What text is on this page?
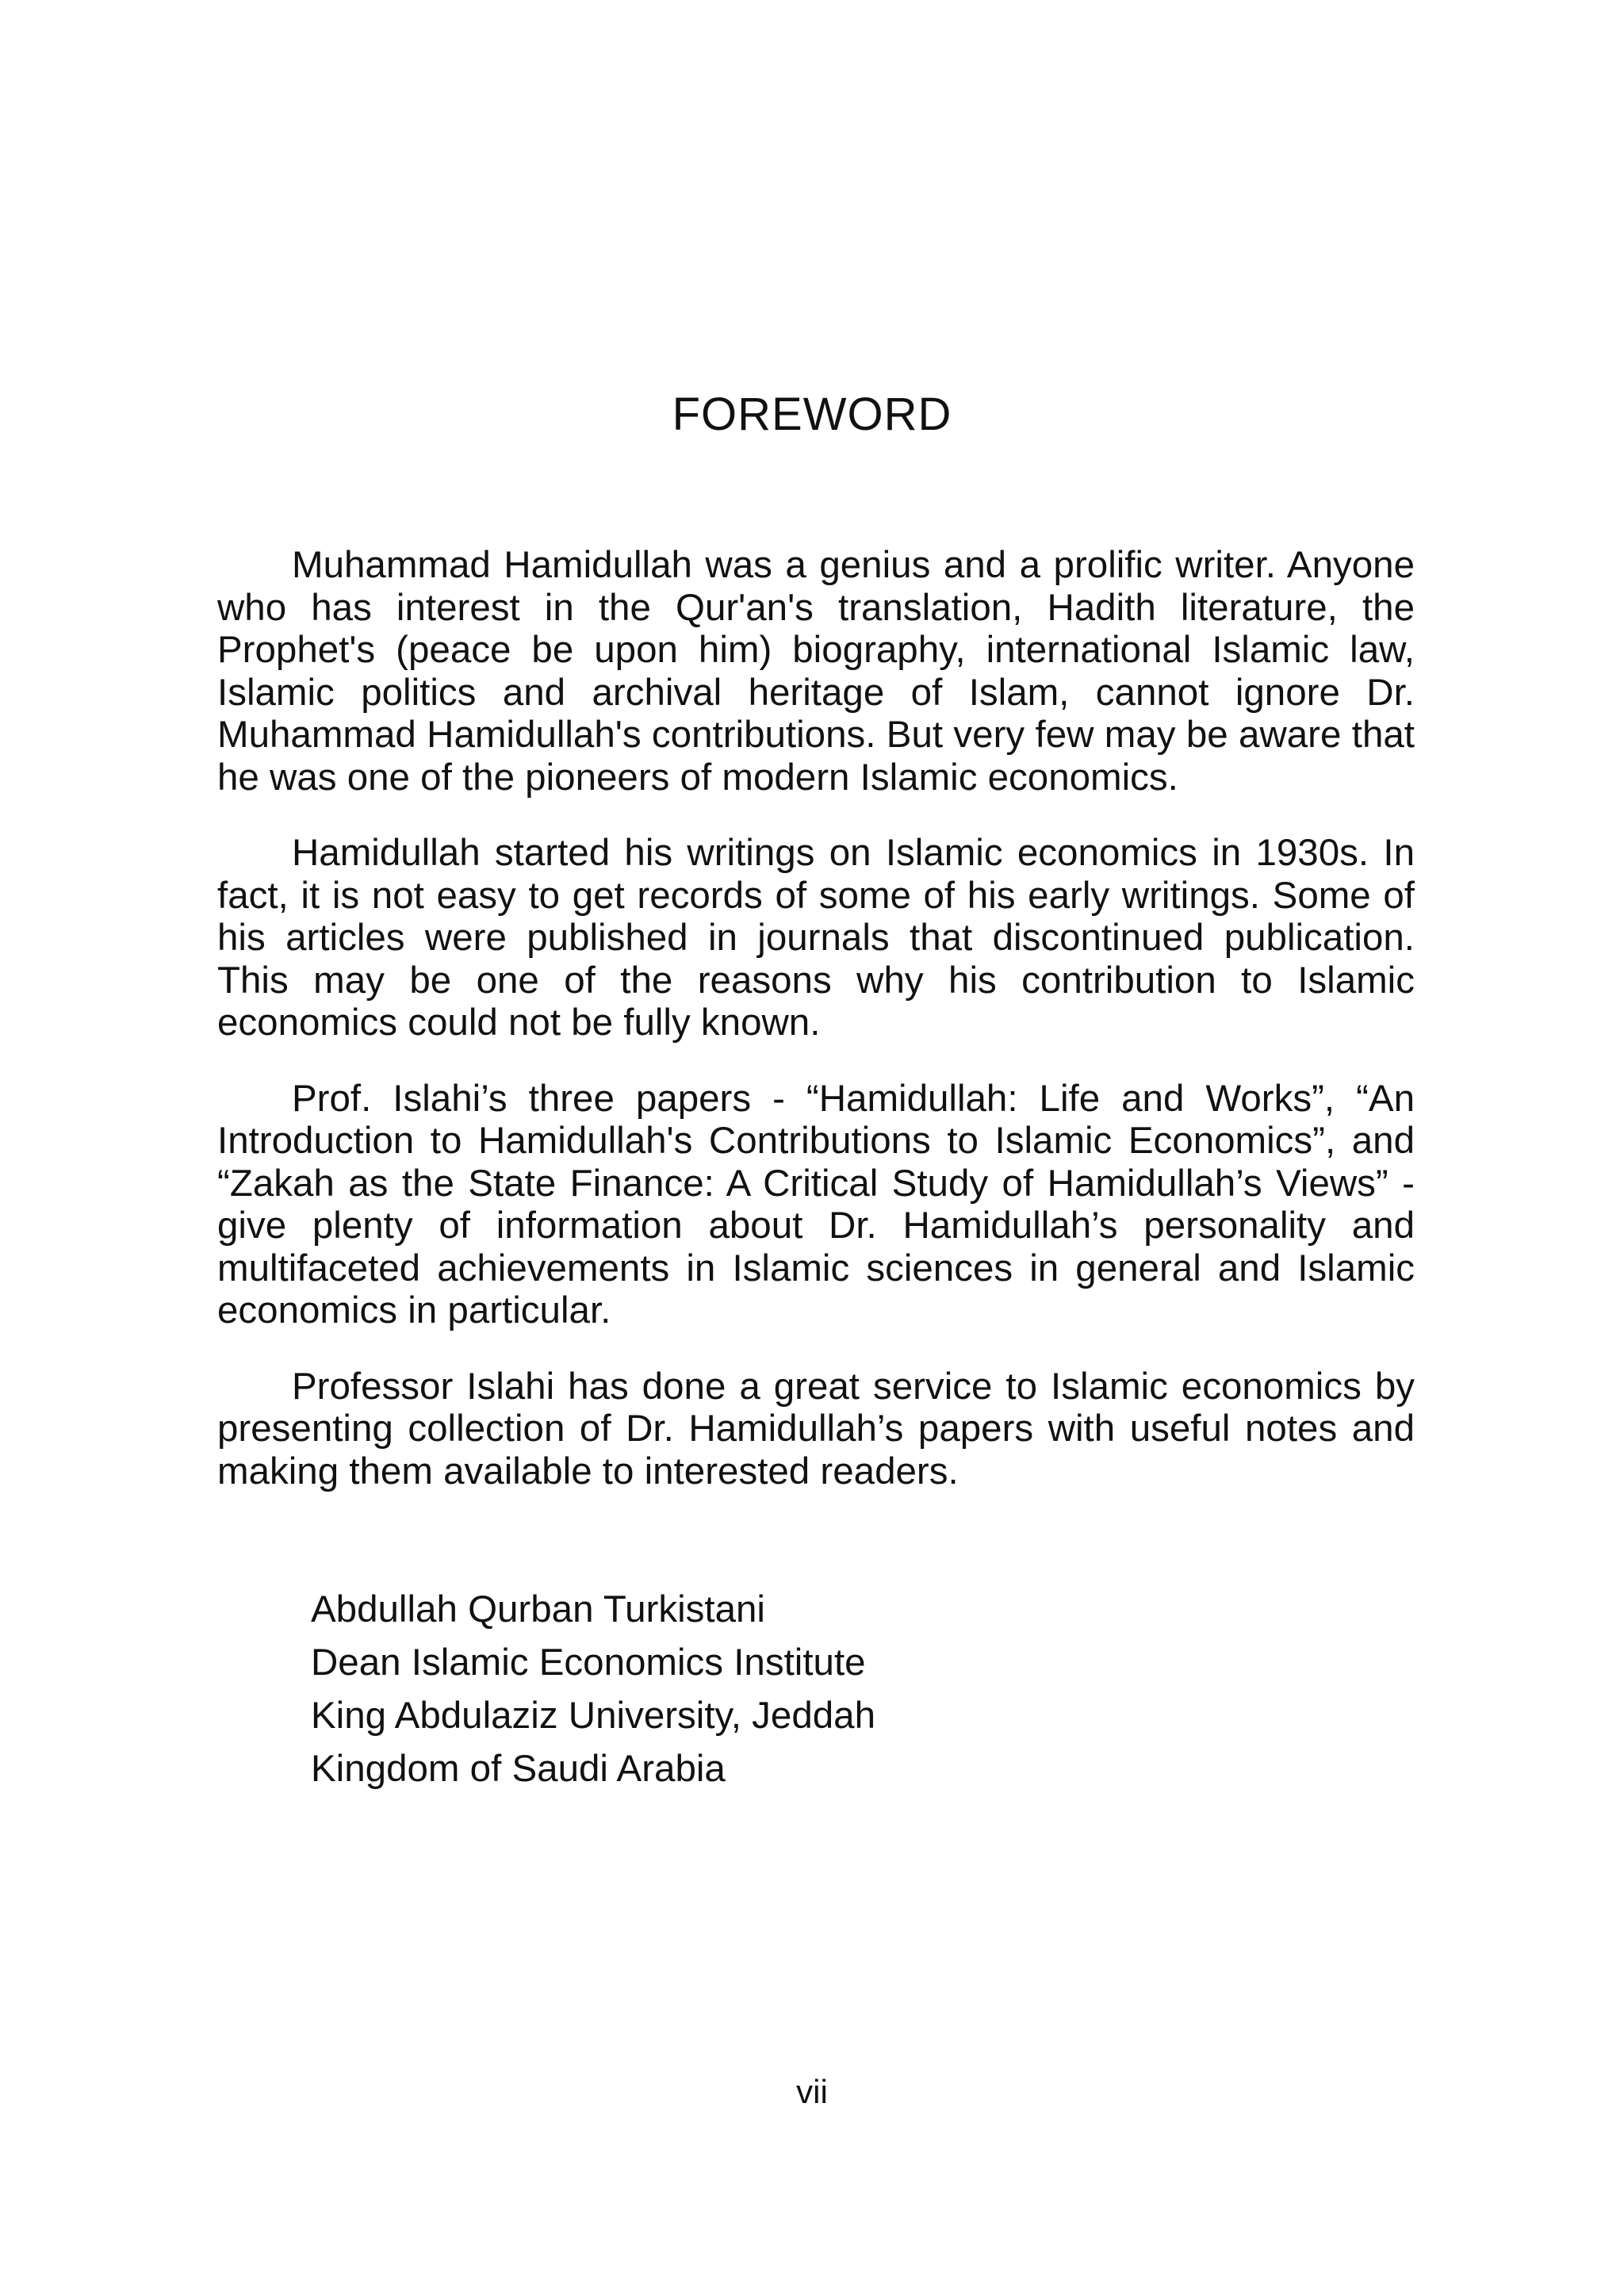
FOREWORD

Muhammad Hamidullah was a genius and a prolific writer. Anyone who has interest in the Qur'an's translation, Hadith literature, the Prophet's (peace be upon him) biography, international Islamic law, Islamic politics and archival heritage of Islam, cannot ignore Dr. Muhammad Hamidullah's contributions. But very few may be aware that he was one of the pioneers of modern Islamic economics.

Hamidullah started his writings on Islamic economics in 1930s. In fact, it is not easy to get records of some of his early writings. Some of his articles were published in journals that discontinued publication. This may be one of the reasons why his contribution to Islamic economics could not be fully known.

Prof. Islahi’s three papers - “Hamidullah: Life and Works”, “An Introduction to Hamidullah's Contributions to Islamic Economics”, and “Zakah as the State Finance: A Critical Study of Hamidullah’s Views” - give plenty of information about Dr. Hamidullah’s personality and multifaceted achievements in Islamic sciences in general and Islamic economics in particular.

Professor Islahi has done a great service to Islamic economics by presenting collection of Dr. Hamidullah’s papers with useful notes and making them available to interested readers.

Abdullah Qurban Turkistani
Dean Islamic Economics Institute
King Abdulaziz University, Jeddah
Kingdom of Saudi Arabia
vii
